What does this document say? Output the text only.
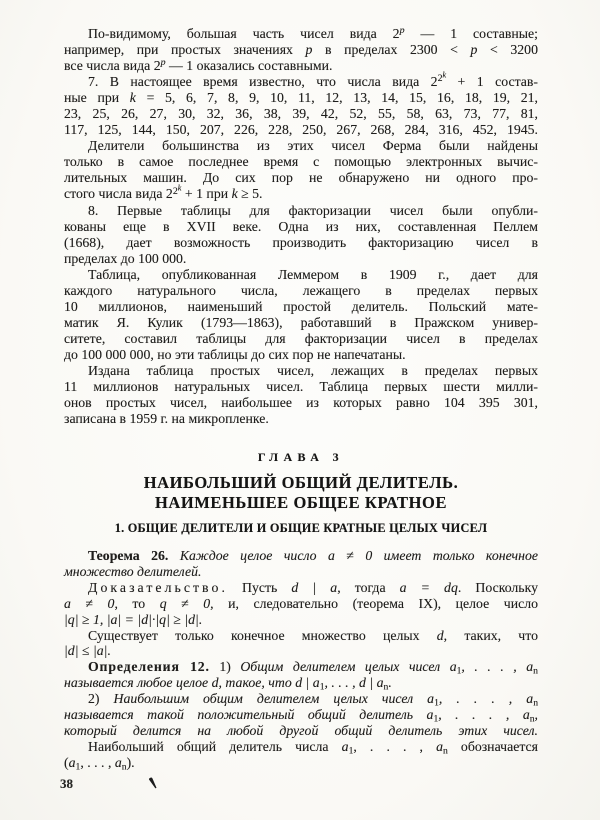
По-видимому, большая часть чисел вида 2$^p$ — 1 составные;
например, при простых значениях p в пределах 2300 < p < 3200
все числа вида 2$^p$ — 1 оказались составными.
7. В настоящее время известно, что числа вида $2^{2^k} + 1$ состав-
ные при k = 5, 6, 7, 8, 9, 10, 11, 12, 13, 14, 15, 16, 18, 19, 21,
23, 25, 26, 27, 30, 32, 36, 38, 39, 42, 52, 55, 58, 63, 73, 77, 81,
117, 125, 144, 150, 207, 226, 228, 250, 267, 268, 284, 316, 452, 1945.
Делители большинства из этих чисел Ферма были найдены
только в самое последнее время с помощью электронных вычис-
лительных машин. До сих пор не обнаружено ни одного про-
стого числа вида $2^{2^k} + 1$ при k ≥ 5.
8. Первые таблицы для факторизации чисел были опубли-
кованы еще в XVII веке. Одна из них, составленная Пеллем
(1668), дает возможность производить факторизацию чисел в
пределах до 100 000.
Таблица, опубликованная Леммером в 1909 г., дает для
каждого натурального числа, лежащего в пределах первых
10 миллионов, наименьший простой делитель. Польский мате-
матик Я. Кулик (1793—1863), работавший в Пражском универ-
ситете, составил таблицы для факторизации чисел в пределах
до 100 000 000, но эти таблицы до сих пор не напечатаны.
Издана таблица простых чисел, лежащих в пределах первых
11 миллионов натуральных чисел. Таблица первых шести милли-
онов простых чисел, наибольшее из которых равно 104 395 301,
записана в 1959 г. на микропленке.
ГЛАВА 3
НАИБОЛЬШИЙ ОБЩИЙ ДЕЛИТЕЛЬ.
НАИМЕНЬШЕЕ ОБЩЕЕ КРАТНОЕ
1. ОБЩИЕ ДЕЛИТЕЛИ И ОБЩИЕ КРАТНЫЕ ЦЕЛЫХ ЧИСЕЛ
Теорема 26. Каждое целое число a ≠ 0 имеет только конечное
множество делителей.
Доказательство. Пусть d | a, тогда a = dq. Поскольку
a ≠ 0, то q ≠ 0, и, следовательно (теорема IX), целое число
|q| ≥ 1, |a| = |d|·|q| ≥ |d|.
Существует только конечное множество целых d, таких, что
|d| ≤ |a|.
Определения 12. 1) Общим делителем целых чисел $a_1$, . . . , $a_n$
называется любое целое d, такое, что d | $a_1$, . . . , d | $a_n$.
2) Наибольшим общим делителем целых чисел $a_1$, . . . , $a_n$
называется такой положительный общий делитель $a_1$, . . . , $a_n$,
который делится на любой другой общий делитель этих чисел.
Наибольший общий делитель числа $a_1$, . . . , $a_n$ обозначается
($a_1$, . . . , $a_n$).
38
